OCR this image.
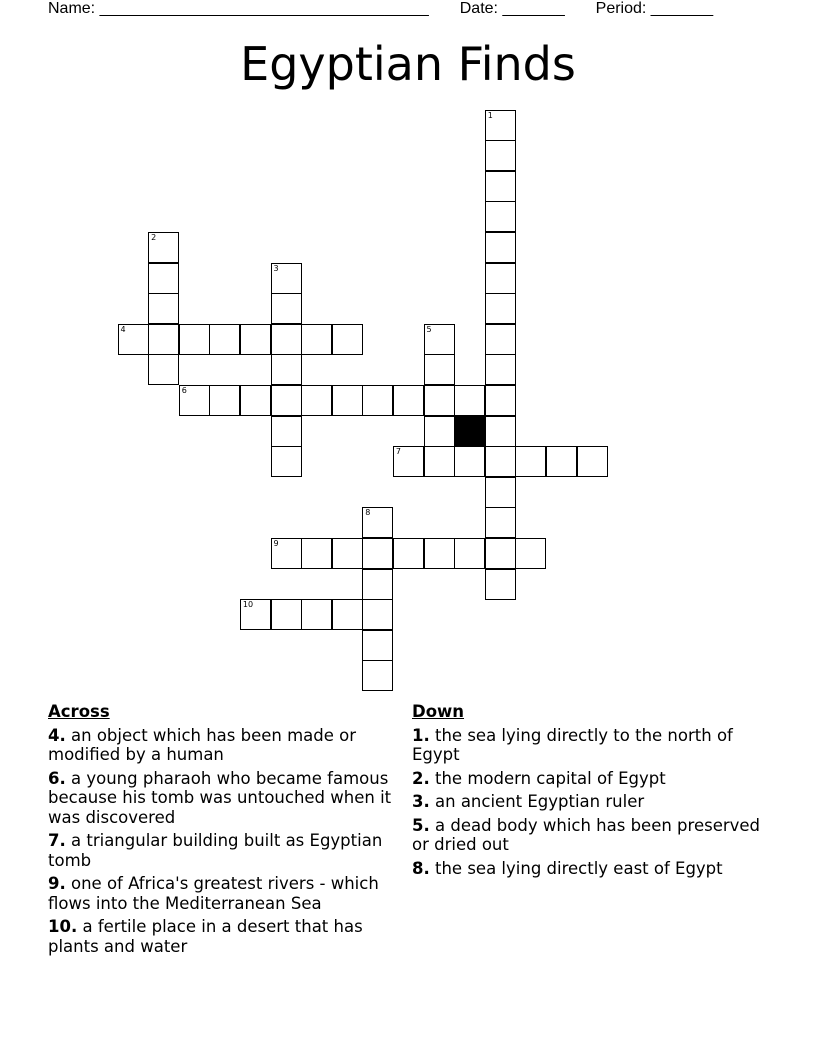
Name: _____________________________________ Date: _______ Period: _______
Egyptian Finds
1
2
3
4	5
6
7
8
9
10
Across
4. an object which has been made or modified by a human
6. a young pharaoh who became famous because his tomb was untouched when it was discovered
7. a triangular building built as Egyptian tomb
9. one of Africa's greatest rivers - which flows into the Mediterranean Sea
10. a fertile place in a desert that has plants and water
Down
1. the sea lying directly to the north of Egypt
2. the modern capital of Egypt
3. an ancient Egyptian ruler
5. a dead body which has been preserved or dried out
8. the sea lying directly east of Egypt
